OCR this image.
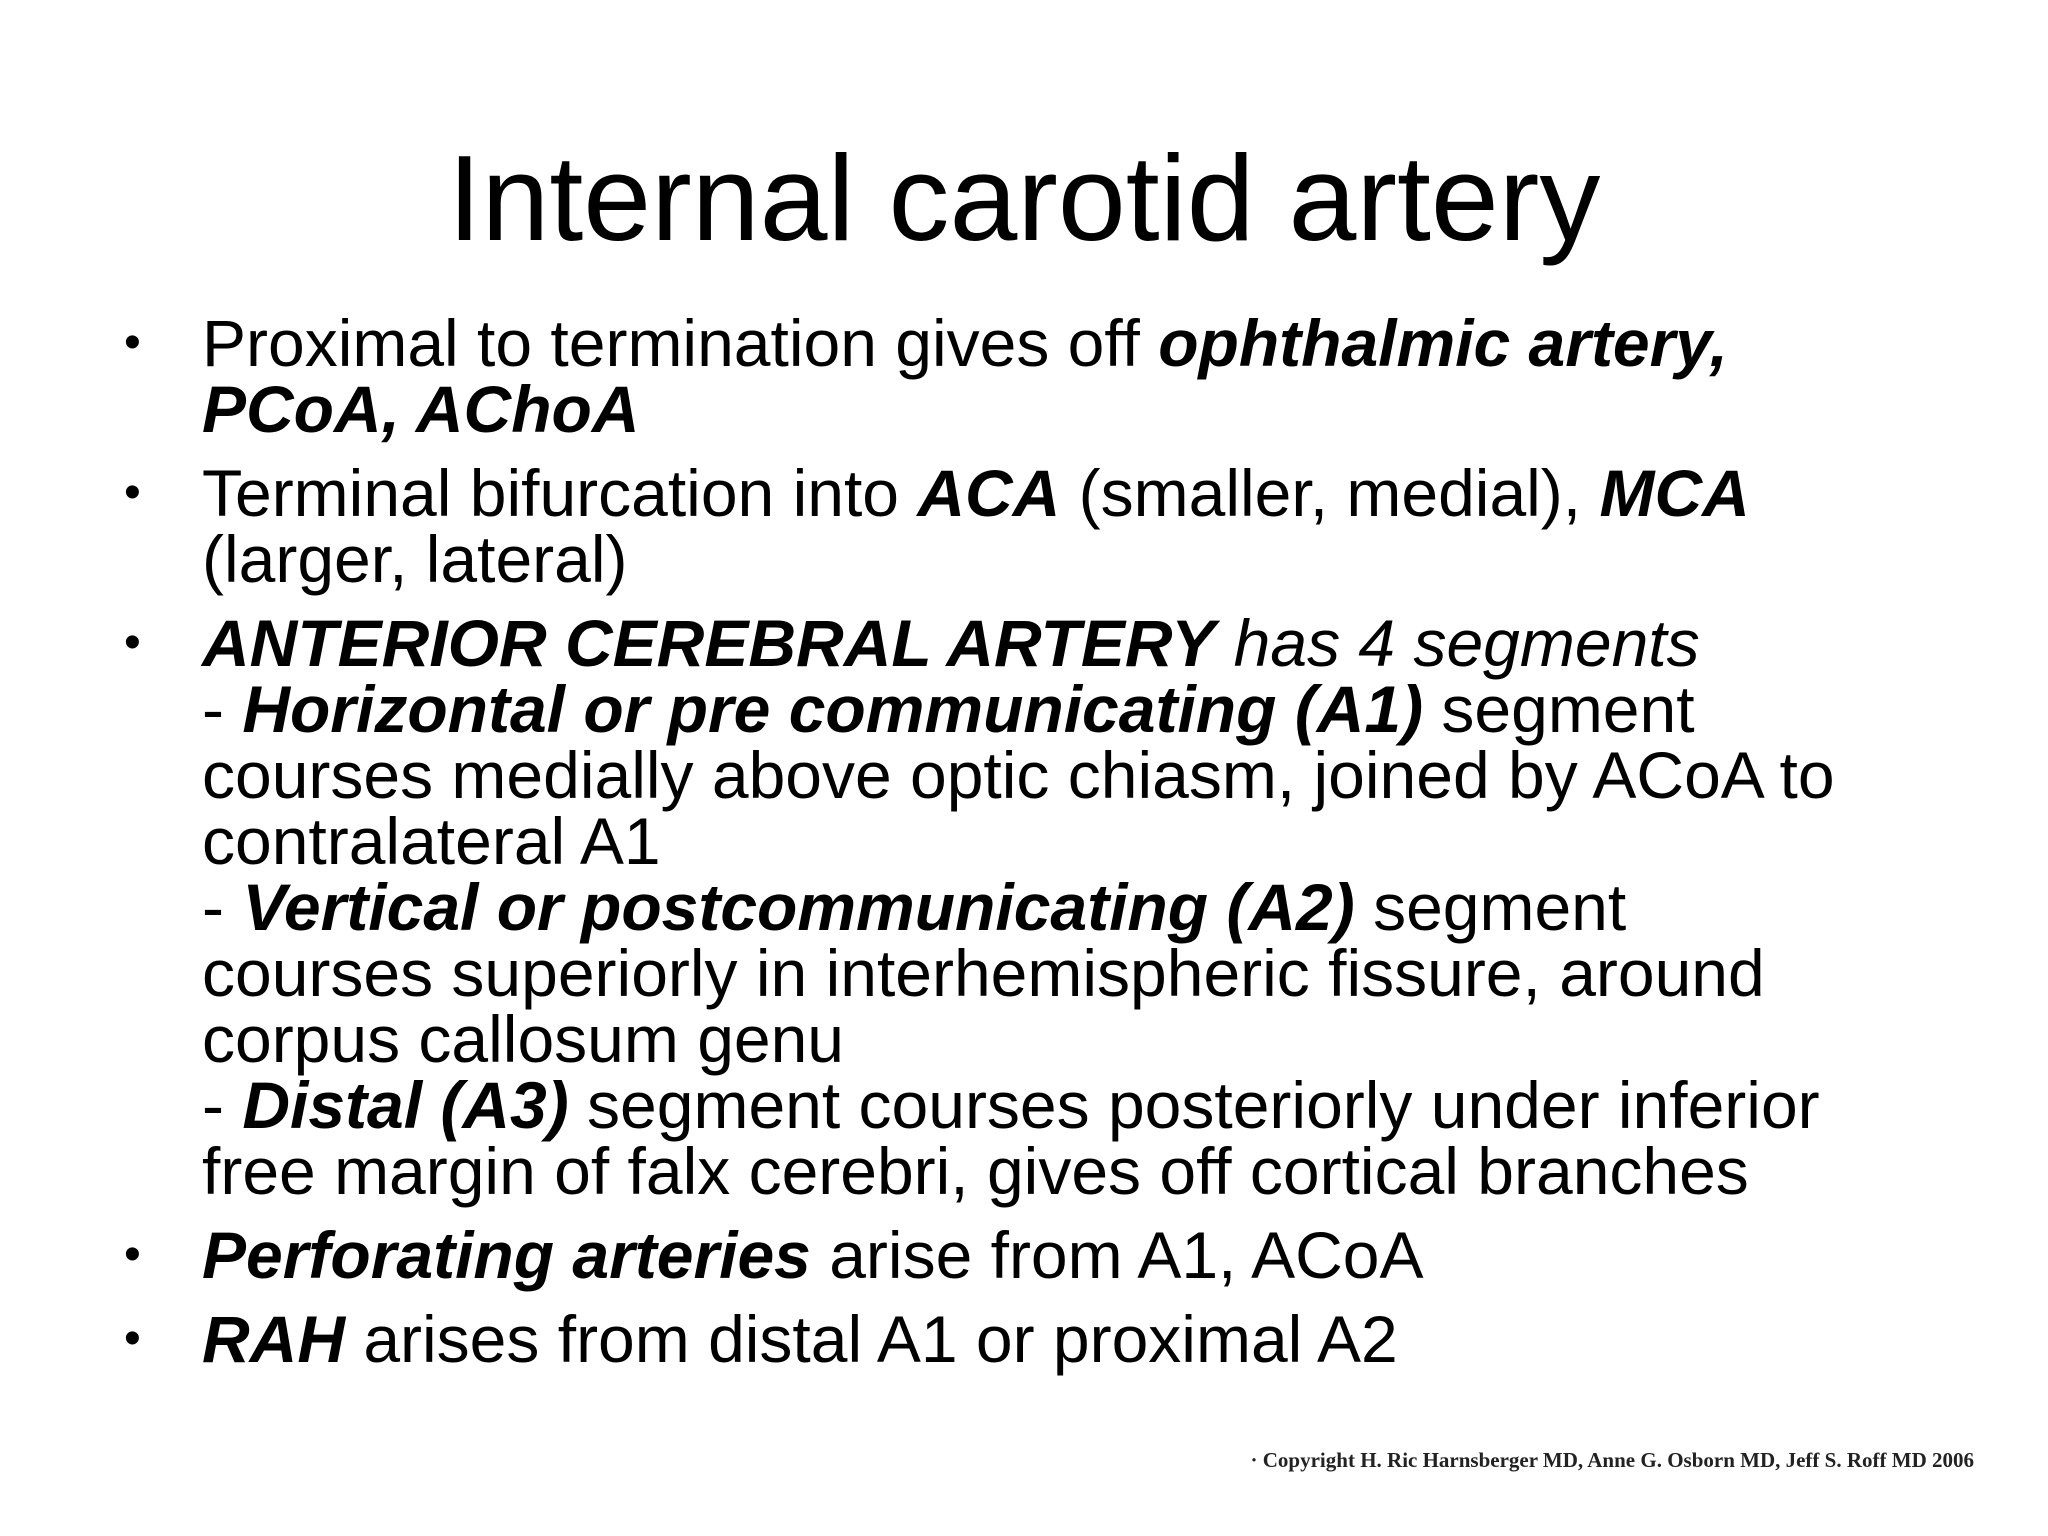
Internal carotid artery
• Proximal to termination gives off ophthalmic artery,
PCoA, AChoA
• Terminal bifurcation into ACA (smaller, medial), MCA
(larger, lateral)
• ANTERIOR CEREBRAL ARTERY has 4 segments
- Horizontal or pre communicating (A1) segment
courses medially above optic chiasm, joined by ACoA to
contralateral A1
- Vertical or postcommunicating (A2) segment
courses superiorly in interhemispheric fissure, around
corpus callosum genu
- Distal (A3) segment courses posteriorly under inferior
free margin of falx cerebri, gives off cortical branches
• Perforating arteries arise from A1, ACoA
• RAH arises from distal A1 or proximal A2
· Copyright H. Ric Harnsberger MD, Anne G. Osborn MD, Jeff S. Roff MD 2006
